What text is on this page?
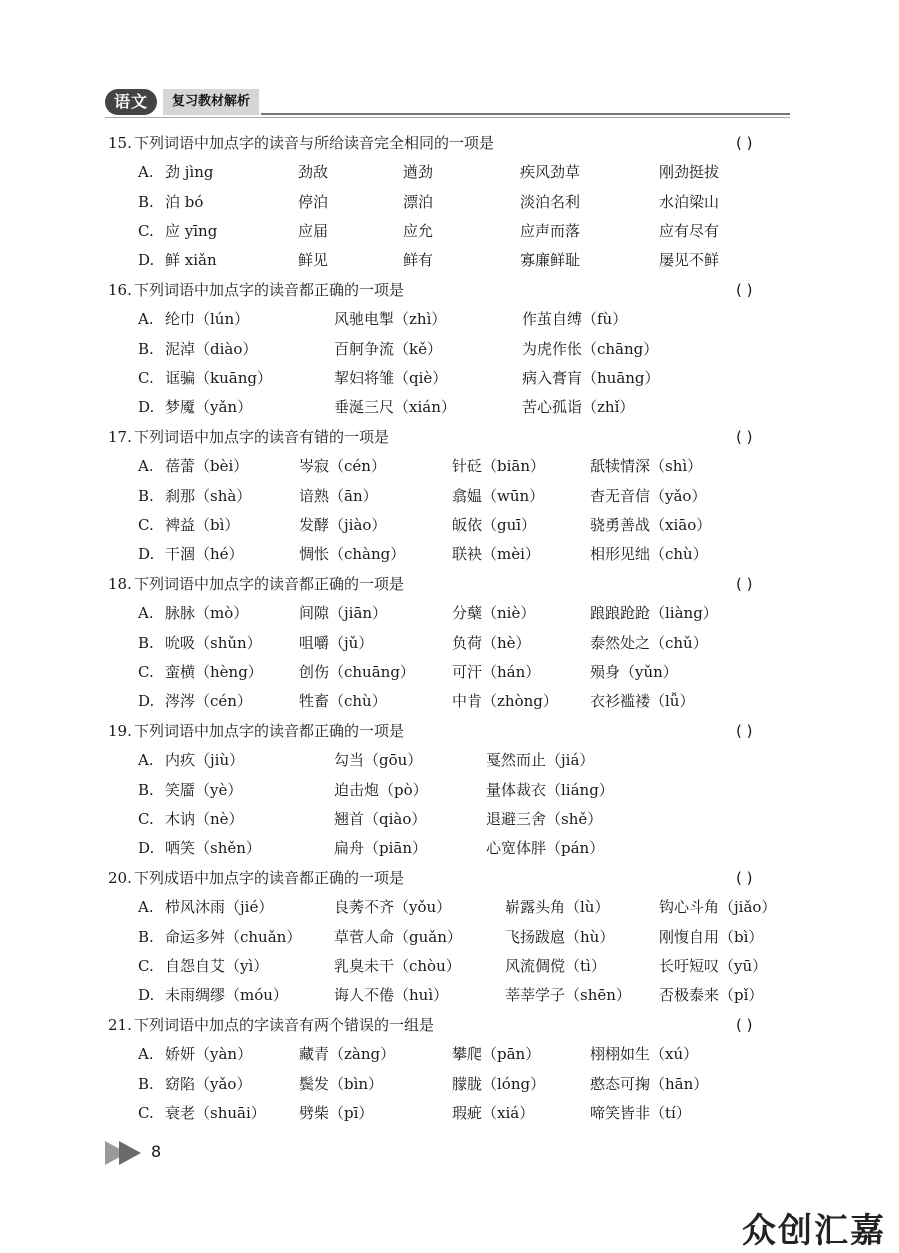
语文	复习教材解析
15. 下列词语中加点字的读音与所给读音完全相同的一项是	( )
A. 劲 jìng	劲敌	遒劲	疾风劲草	刚劲挺拔
B. 泊 bó	停泊	漂泊	淡泊名利	水泊梁山
C. 应 yīng	应届	应允	应声而落	应有尽有
D. 鲜 xiǎn	鲜见	鲜有	寡廉鲜耻	屡见不鲜
16. 下列词语中加点字的读音都正确的一项是	( )
A. 纶巾（lún）	风驰电掣（zhì）	作茧自缚（fù）
B. 泥淖（diào）	百舸争流（kě）	为虎作伥（chāng）
C. 诓骗（kuāng）	挈妇将雏（qiè）	病入膏肓（huāng）
D. 梦魇（yǎn）	垂涎三尺（xián）	苦心孤诣（zhǐ）
17. 下列词语中加点字的读音有错的一项是	( )
A. 蓓蕾（bèi）	岑寂（cén）	针砭（biān）	舐犊情深（shì）
B. 刹那（shà）	谙熟（ān）	翕媪（wūn）	杳无音信（yǎo）
C. 裨益（bì）	发酵（jiào）	皈依（guī）	骁勇善战（xiāo）
D. 干涸（hé）	惆怅（chàng）	联袂（mèi）	相形见绌（chù）
18. 下列词语中加点字的读音都正确的一项是	( )
A. 脉脉（mò）	间隙（jiān）	分蘖（niè）	踉踉跄跄（liàng）
B. 吮吸（shǔn） 咀嚼（jǔ）	负荷（hè）	泰然处之（chǔ）
C. 蛮横（hèng） 创伤（chuāng） 可汗（hán）	殒身（yǔn）
D. 涔涔（cén）	牲畜（chù）	中肯（zhòng） 衣衫褴褛（lǚ）
19. 下列词语中加点字的读音都正确的一项是	( )
A. 内疚（jiù）	勾当（gōu）	戛然而止（jiá）
B. 笑靥（yè）	迫击炮（pò）	量体裁衣（liáng）
C. 木讷（nè）	翘首（qiào）	退避三舍（shě）
D. 哂笑（shěn）	扁舟（piān）	心宽体胖（pán）
20. 下列成语中加点字的读音都正确的一项是	( )
A. 栉风沐雨（jié）	良莠不齐（yǒu）	崭露头角（lù）	钩心斗角（jiǎo）
B. 命运多舛（chuǎn） 草菅人命（guǎn）	飞扬跋扈（hù）	刚愎自用（bì）
C. 自怨自艾（yì）	乳臭未干（chòu）	风流倜傥（tì）	长吁短叹（yū）
D. 未雨绸缪（móu）	诲人不倦（huì）	莘莘学子（shēn） 否极泰来（pǐ）
21. 下列词语中加点的字读音有两个错误的一组是	( )
A. 娇妍（yàn）	藏青（zàng）	攀爬（pān）	栩栩如生（xú）
B. 窈陷（yǎo）	鬓发（bìn）	朦胧（lóng）	憨态可掬（hān）
C. 衰老（shuāi） 劈柴（pī）	瑕疵（xiá）	啼笑皆非（tí）
8
众创汇嘉
